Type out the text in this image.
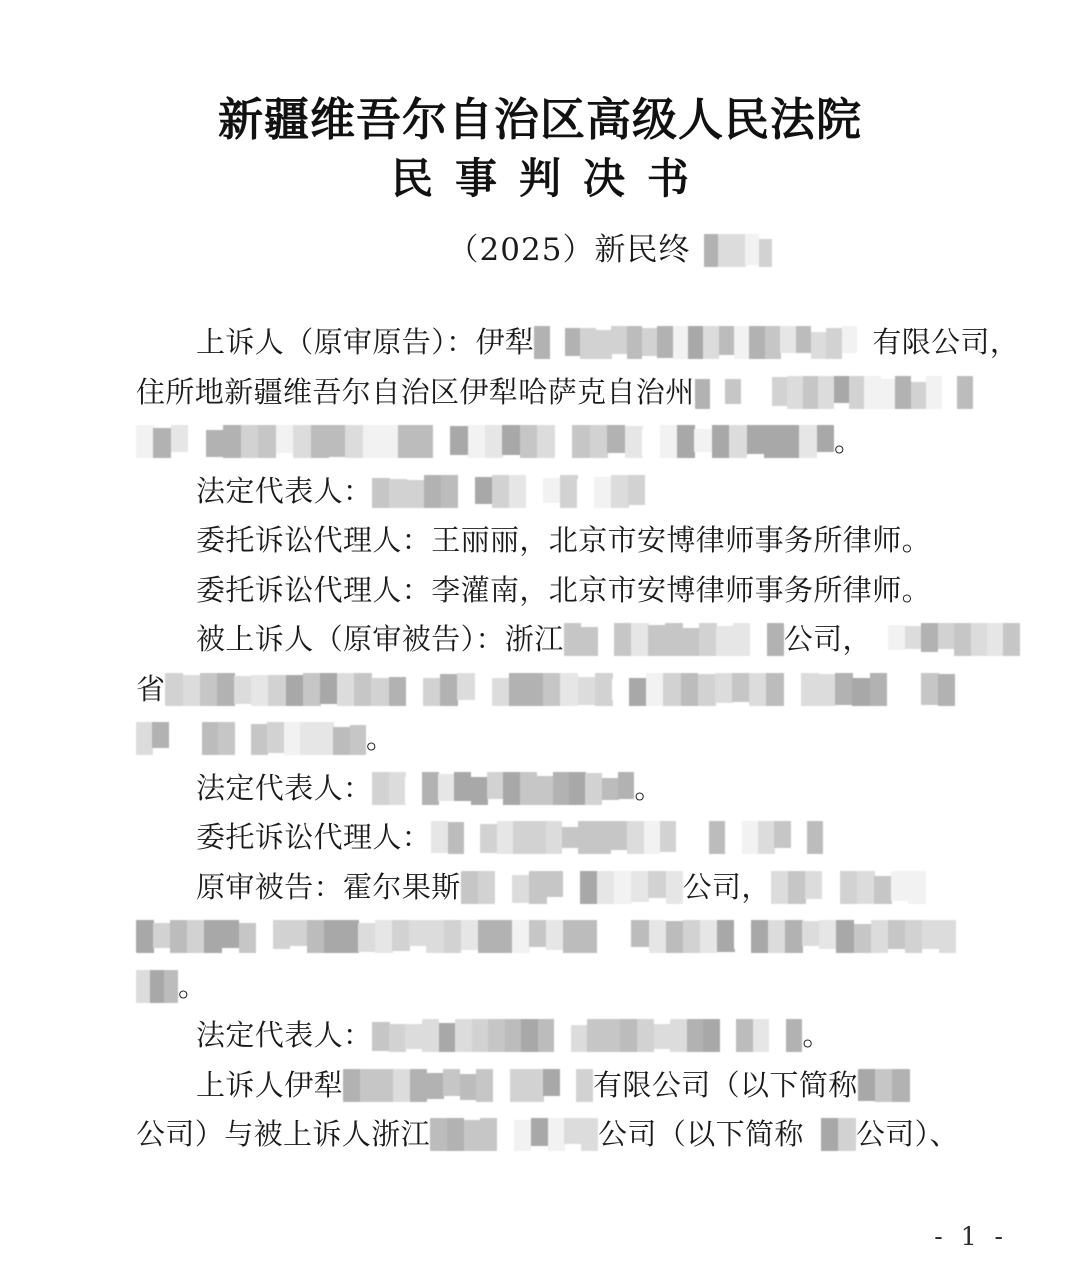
新疆维吾尔自治区高级人民法院
民事判决书
（2025）新民终
上诉人（原审原告）：伊犁	有限公司，
住所地新疆维吾尔自治区伊犁哈萨克自治州
。
法定代表人：
委托诉讼代理人：王丽丽，北京市安博律师事务所律师。
委托诉讼代理人：李灌南，北京市安博律师事务所律师。
被上诉人（原审被告）：浙江	公司，
省
。
法定代表人：	。
委托诉讼代理人：
原审被告：霍尔果斯	公司，
。
法定代表人：	。
上诉人伊犁	有限公司（以下简称
公司）与被上诉人浙江	公司（以下简称 公司）、
- 1 -
